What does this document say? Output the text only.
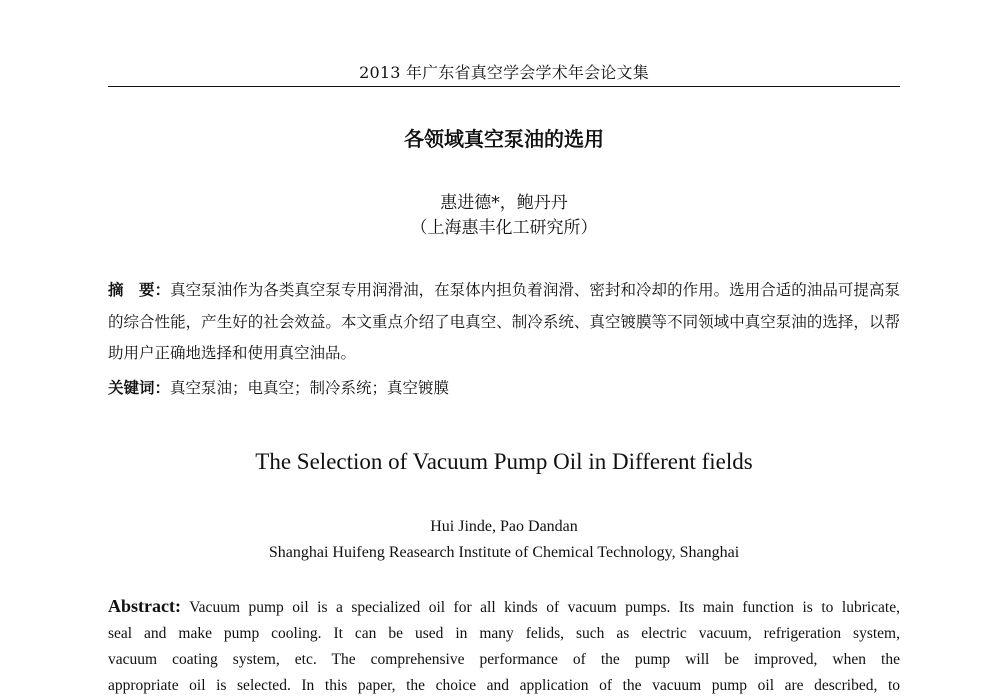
2013 年广东省真空学会学术年会论文集
各领域真空泵油的选用
惠进德*，鲍丹丹
（上海惠丰化工研究所）
摘　要：真空泵油作为各类真空泵专用润滑油，在泵体内担负着润滑、密封和冷却的作用。选用合适的油品可提高泵的综合性能，产生好的社会效益。本文重点介绍了电真空、制冷系统、真空镀膜等不同领域中真空泵油的选择，以帮助用户正确地选择和使用真空油品。
关键词：真空泵油；电真空；制冷系统；真空镀膜
The Selection of Vacuum Pump Oil in Different fields
Hui Jinde, Pao Dandan
Shanghai Huifeng Reasearch Institute of Chemical Technology, Shanghai
Abstract: Vacuum pump oil is a specialized oil for all kinds of vacuum pumps. Its main function is to lubricate,
seal and make pump cooling. It can be used in many felids, such as electric vacuum, refrigeration system,
vacuum coating system, etc. The comprehensive performance of the pump will be improved, when the
appropriate oil is selected. In this paper, the choice and application of the vacuum pump oil are described, to
